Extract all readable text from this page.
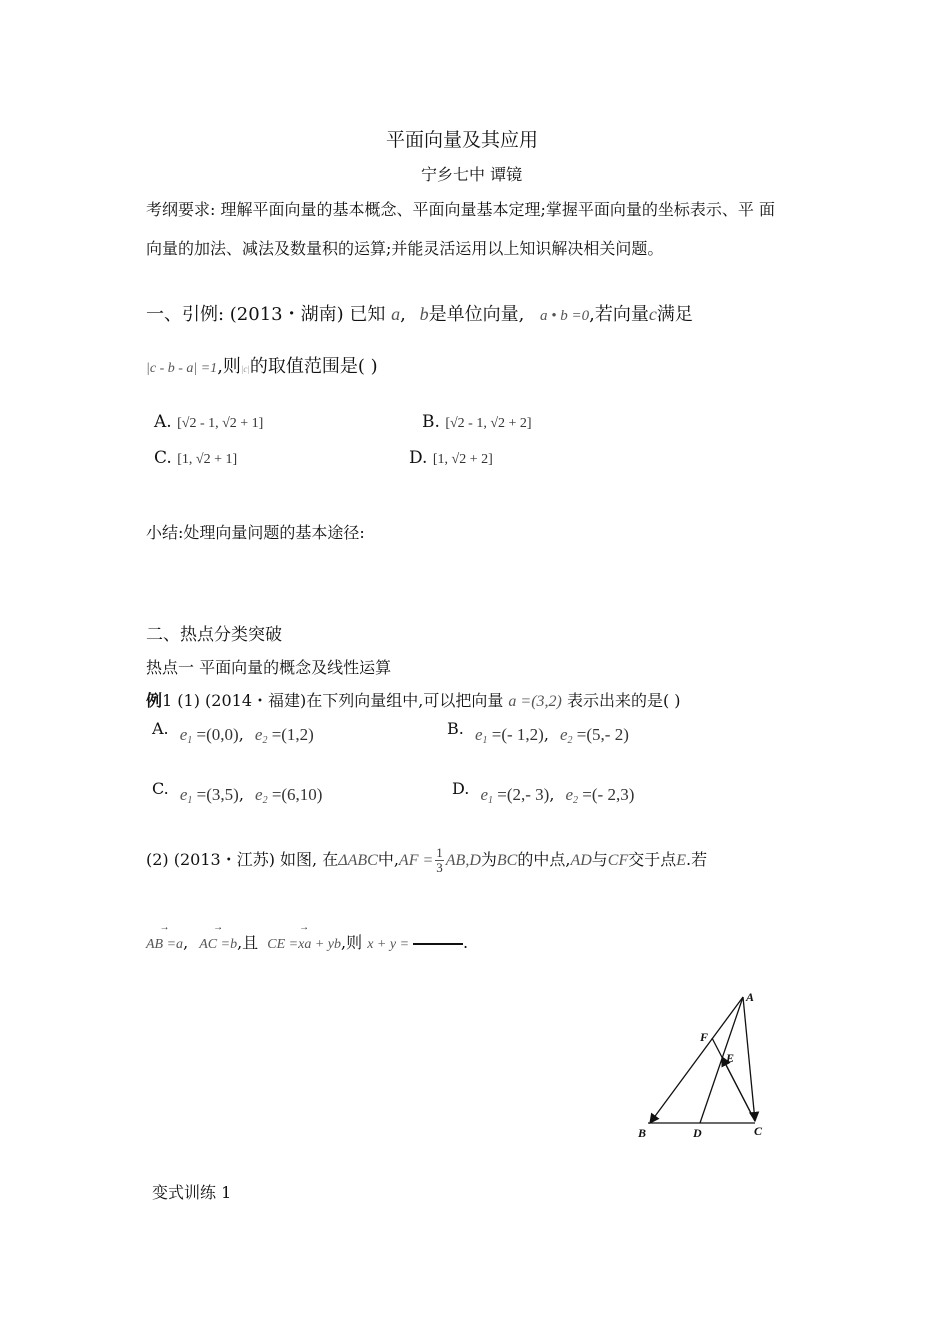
平面向量及其应用
宁乡七中 谭镜
考纲要求: 理解平面向量的基本概念、平面向量基本定理;掌握平面向量的坐标表示、平 面
向量的加法、减法及数量积的运算;并能灵活运用以上知识解决相关问题。
一、引例: (2013・湖南) 已知 a, b是单位向量, a • b =0,若向量c满足
|c - b - a| =1,则|c|的取值范围是( )
A. [√2 - 1, √2 + 1]	B. [√2 - 1, √2 + 2]
C. [1, √2 + 1]	D. [1, √2 + 2]
小结:处理向量问题的基本途径:
二、热点分类突破
热点一 平面向量的概念及线性运算
例1 (1) (2014・福建)在下列向量组中,可以把向量 a =(3,2) 表示出来的是( )
A. $e_1 =(0,0)$, $e_2 =(1,2)$	B. $e_1$ =(- 1,2), $e_2 =(5,-$ 2)
C. $e_1 =(3,5)$, $e_2 =(6,10)$	D. $e_1 =(2,-$ 3), $e_2$ =(- 2,3)
(2) (2013・江苏) 如图, 在ΔABC中$,AF = \frac{1}{3} AB,D$为BC的中点,AD与CF交于点E.若
→ AB =a, → AC =b,且 → CE =xa + yb,则 x + y =	.
A
F
E
B	D	C
变式训练 1
